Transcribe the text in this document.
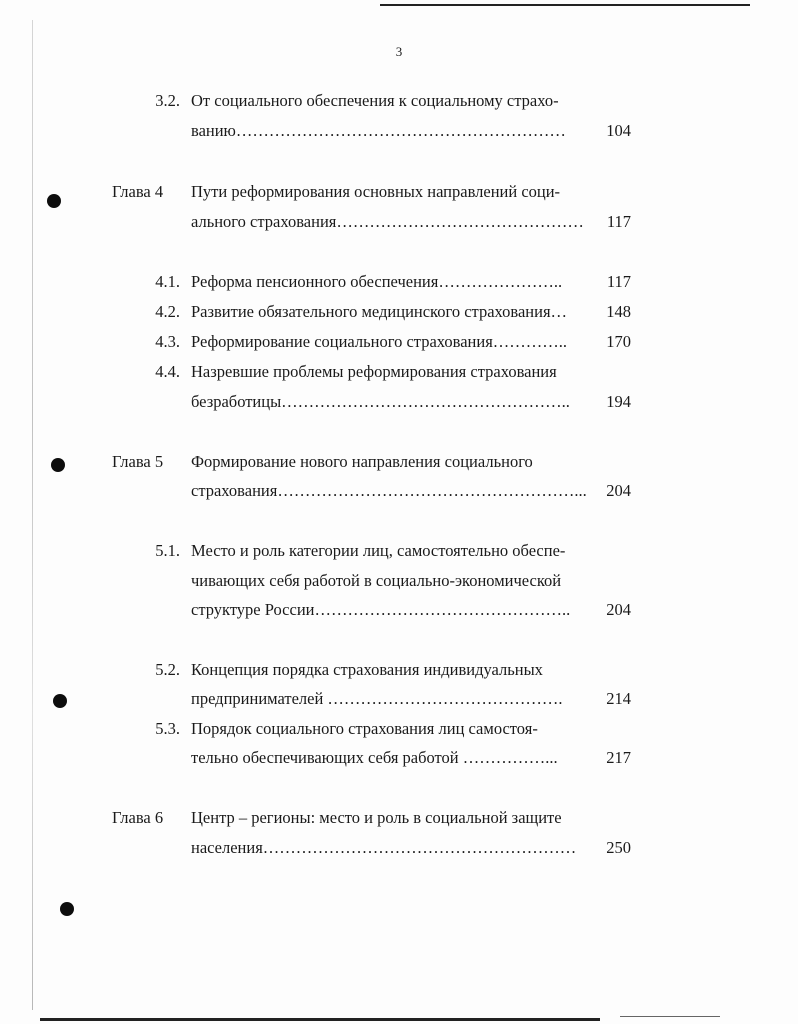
3
3.2. От социального обеспечения к социальному страхо-
ванию……………………………………………………	104
Глава 4 Пути реформирования основных направлений соци-
ального страхования………………………………………	117
4.1. Реформа пенсионного обеспечения…………………..	117
4.2. Развитие обязательного медицинского страхования…	148
4.3. Реформирование социального страхования…………..	170
4.4. Назревшие проблемы реформирования страхования
безработицы……………………………………………..	194
Глава 5 Формирование нового направления социального
страхования………………………………………………...	204
5.1. Место и роль категории лиц, самостоятельно обеспе-
чивающих себя работой в социально-экономической
структуре России………………………………………..	204
5.2. Концепция порядка страхования индивидуальных
предпринимателей …………………………………….	214
5.3. Порядок социального страхования лиц самостоя-
тельно обеспечивающих себя работой ……………...	217
Глава 6 Центр – регионы: место и роль в социальной защите
населения…………………………………………………	250
